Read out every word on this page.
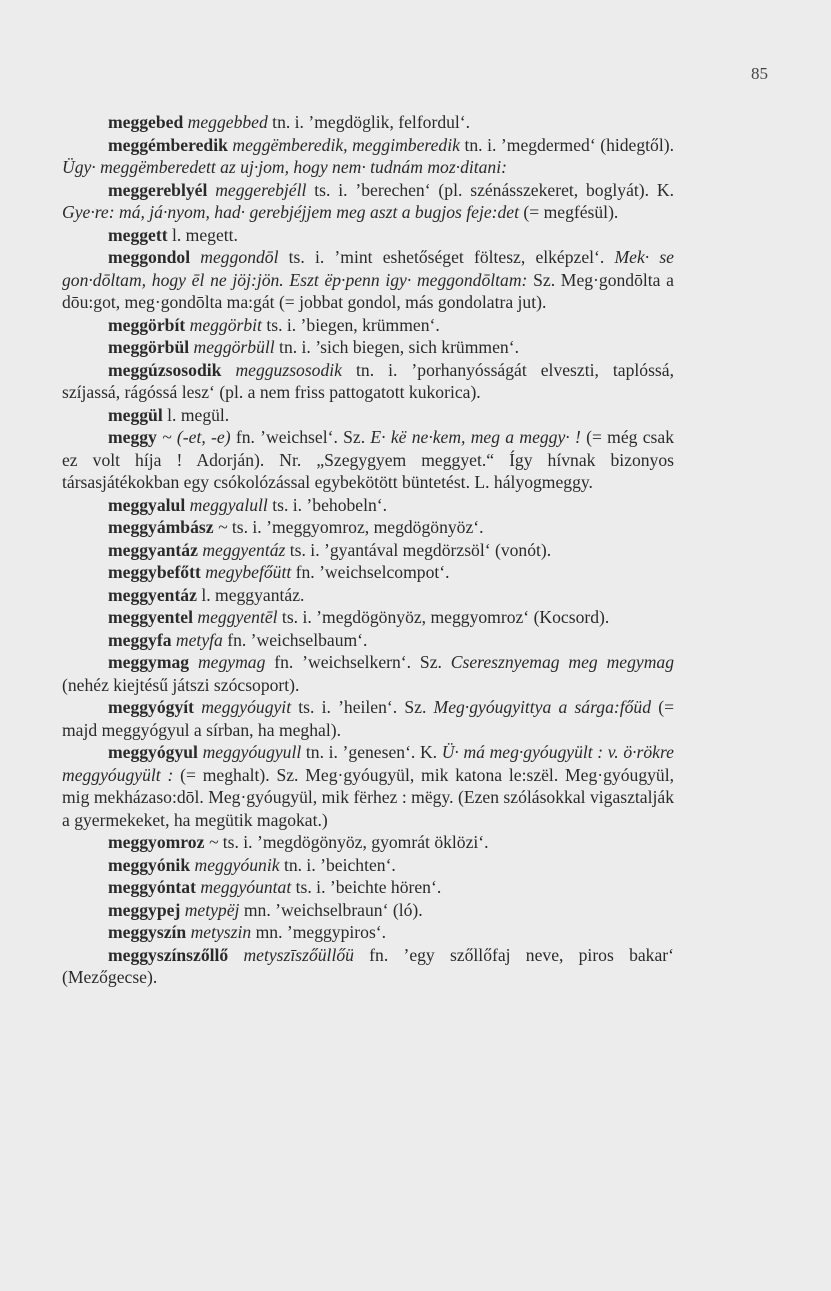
85

meggebed meggebbed tn. i. ’megdöglik, felfordul‘.

meggémberedik meggëmberedik, meggimberedik tn. i. ’megdermed‘ (hidegtől). Ügy· meggëmberedett az uj·jom, hogy nem· tudnám moz·ditani:

meggereblyél meggerebjéll ts. i. ’berechen‘ (pl. szénásszekeret, boglyát). K. Gye·re: má, já·nyom, had· gerebjéjjem meg aszt a bugjos feje:det (= megfésül).

meggett l. megett.

meggondol meggondōl ts. i. ’mint eshetőséget föltesz, elképzel‘. Mek· se gon·dōltam, hogy ēl ne jöj:jön. Eszt ëp·penn igy· meggondōltam: Sz. Meg·gondōlta a dōu:got, meg·gondōlta ma:gát (= jobbat gondol, más gondolatra jut).

meggörbít meggörbit ts. i. ’biegen, krümmen‘.

meggörbül meggörbüll tn. i. ’sich biegen, sich krümmen‘.

meggúzsosodik megguzsosodik tn. i. ’porhanyósságát elveszti, taplóssá, szíjassá, rágóssá lesz‘ (pl. a nem friss pattogatott kukorica).

meggül l. megül.

meggy ~ (-et, -e) fn. ’weichsel‘. Sz. E· kë ne·kem, meg a meggy· ! (= még csak ez volt híja ! Adorján). Nr. „Szegygyem meggyet.“ Így hívnak bizonyos társasjátékokban egy csókolózással egybekötött büntetést. L. hályogmeggy.

meggyalul meggyalull ts. i. ’behobeln‘.

meggyámbász ~ ts. i. ’meggyomroz, megdögönyöz‘.

meggyantáz meggyentáz ts. i. ’gyantával megdörzsöl‘ (vonót).

meggybefőtt megybefőütt fn. ’weichselcompot‘.

meggyentáz l. meggyantáz.

meggyentel meggyentēl ts. i. ’megdögönyöz, meggyomroz‘ (Kocsord).

meggyfa metyfa fn. ’weichselbaum‘.

meggymag megymag fn. ’weichselkern‘. Sz. Cseresznyemag meg megymag (nehéz kiejtésű játszi szócsoport).

meggyógyít meggyóugyit ts. i. ’heilen‘. Sz. Meg·gyóugyittya a sárga:főüd (= majd meggyógyul a sírban, ha meghal).

meggyógyul meggyóugyull tn. i. ’genesen‘. K. Ü· má meg·gyóugyült : v. ö·rökre meggyóugyült : (= meghalt). Sz. Meg·gyóugyül, mik katona le:szël. Meg·gyóugyül, mig mekházaso:dōl. Meg·gyóugyül, mik fërhez : mëgy. (Ezen szólásokkal vigasztalják a gyermekeket, ha megütik magokat.)

meggyomroz ~ ts. i. ’megdögönyöz, gyomrát öklözi‘.

meggyónik meggyóunik tn. i. ’beichten‘.

meggyóntat meggyóuntat ts. i. ’beichte hören‘.

meggypej metypëj mn. ’weichselbraun‘ (ló).

meggyszín metyszin mn. ’meggypiros‘.

meggyszínszőllő metyszīszőüllőü fn. ’egy szőllőfaj neve, piros bakar‘ (Mezőgecse).
